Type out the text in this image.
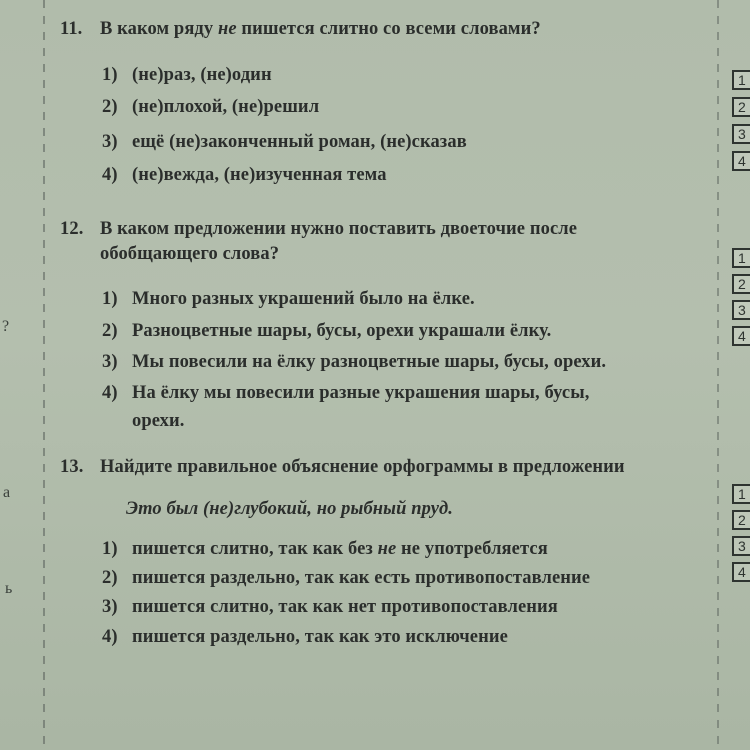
?
а
ь
11. В каком ряду не пишется слитно со всеми словами?
1) (не)раз, (не)один
2) (не)плохой, (не)решил
3) ещё (не)законченный роман, (не)сказав
4) (не)вежда, (не)изученная тема
12. В каком предложении нужно поставить двоеточие после
обобщающего слова?
1) Много разных украшений было на ёлке.
2) Разноцветные шары, бусы, орехи украшали ёлку.
3) Мы повесили на ёлку разноцветные шары, бусы, орехи.
4) На ёлку мы повесили разные украшения шары, бусы,
орехи.
13. Найдите правильное объяснение орфограммы в предложении
Это был (не)глубокий, но рыбный пруд.
1) пишется слитно, так как без не не употребляется
2) пишется раздельно, так как есть противопоставление
3) пишется слитно, так как нет противопоставления
4) пишется раздельно, так как это исключение
1
2
3
4
1
2
3
4
1
2
3
4
